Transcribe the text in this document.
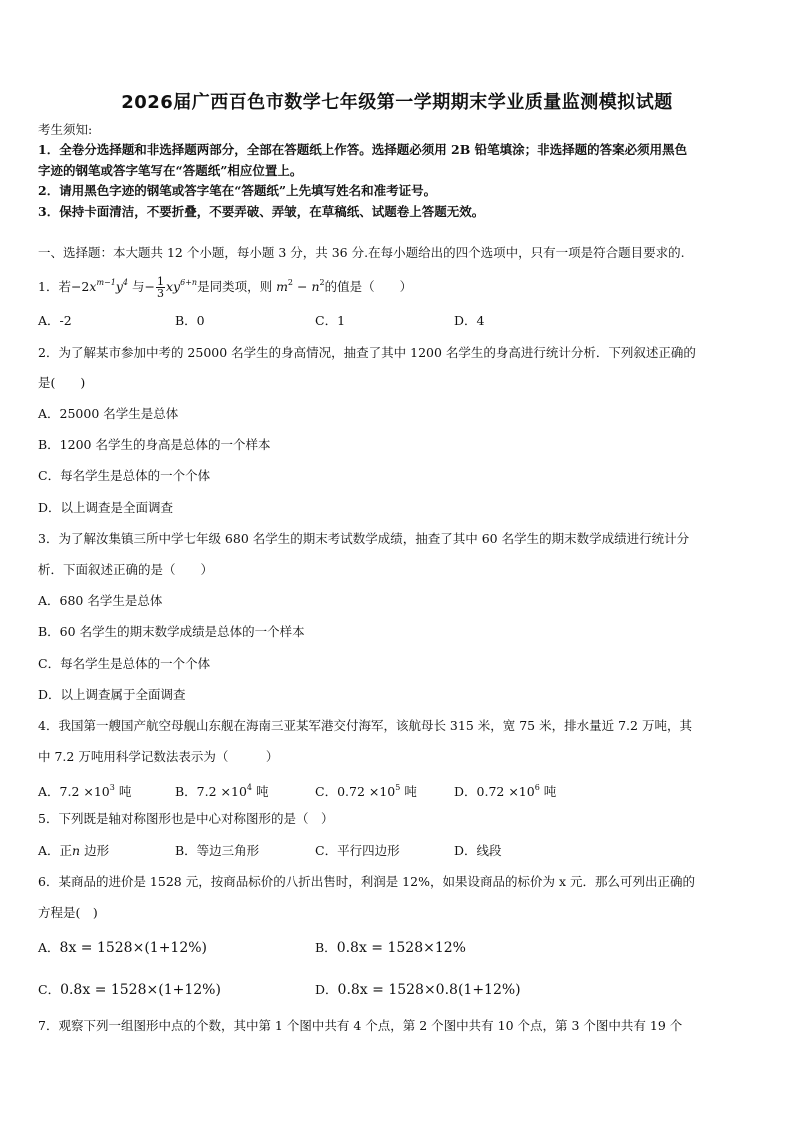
2026届广西百色市数学七年级第一学期期末学业质量监测模拟试题
考生须知:
1．全卷分选择题和非选择题两部分，全部在答题纸上作答。选择题必须用 2B 铅笔填涂；非选择题的答案必须用黑色
字迹的钢笔或答字笔写在“答题纸”相应位置上。
2．请用黑色字迹的钢笔或答字笔在“答题纸”上先填写姓名和准考证号。
3．保持卡面清洁，不要折叠，不要弄破、弄皱，在草稿纸、试题卷上答题无效。
一、选择题：本大题共 12 个小题，每小题 3 分，共 36 分.在每小题给出的四个选项中，只有一项是符合题目要求的.
1．若$-2x^{m-1}y^4$ 与− $\frac{1}{3} xy^{6+n}$是同类项，则 $m^2 - n^2$的值是（　　）
A．-2	B．0	C．1	D．4
2．为了解某市参加中考的 25000 名学生的身高情况，抽查了其中 1200 名学生的身高进行统计分析．下列叙述正确的
是(　　)
A．25000 名学生是总体
B．1200 名学生的身高是总体的一个样本
C．每名学生是总体的一个个体
D．以上调查是全面调查
3．为了解汝集镇三所中学七年级 680 名学生的期末考试数学成绩，抽查了其中 60 名学生的期末数学成绩进行统计分
析．下面叙述正确的是（　　）
A．680 名学生是总体
B．60 名学生的期末数学成绩是总体的一个样本
C．每名学生是总体的一个个体
D．以上调查属于全面调查
4．我国第一艘国产航空母舰山东舰在海南三亚某军港交付海军，该航母长 315 米，宽 75 米，排水量近 7.2 万吨，其
中 7.2 万吨用科学记数法表示为（　　　）
A．$7.2 \times 10^3$ 吨	B．$7.2 \times 10^4$ 吨	C．$0.72 \times 10^5$ 吨	D．$0.72 \times 10^6$ 吨
5．下列既是轴对称图形也是中心对称图形的是（　）
A．正n 边形	B．等边三角形	C．平行四边形	D．线段
6．某商品的进价是 1528 元，按商品标价的八折出售时，利润是 12%，如果设商品的标价为 x 元．那么可列出正确的
方程是(　)
A．8x = 1528×(1+12%)	B．0.8x = 1528×12%
C．0.8x = 1528×(1+12%)	D．0.8x = 1528×0.8(1+12%)
7．观察下列一组图形中点的个数，其中第 1 个图中共有 4 个点，第 2 个图中共有 10 个点，第 3 个图中共有 19 个
